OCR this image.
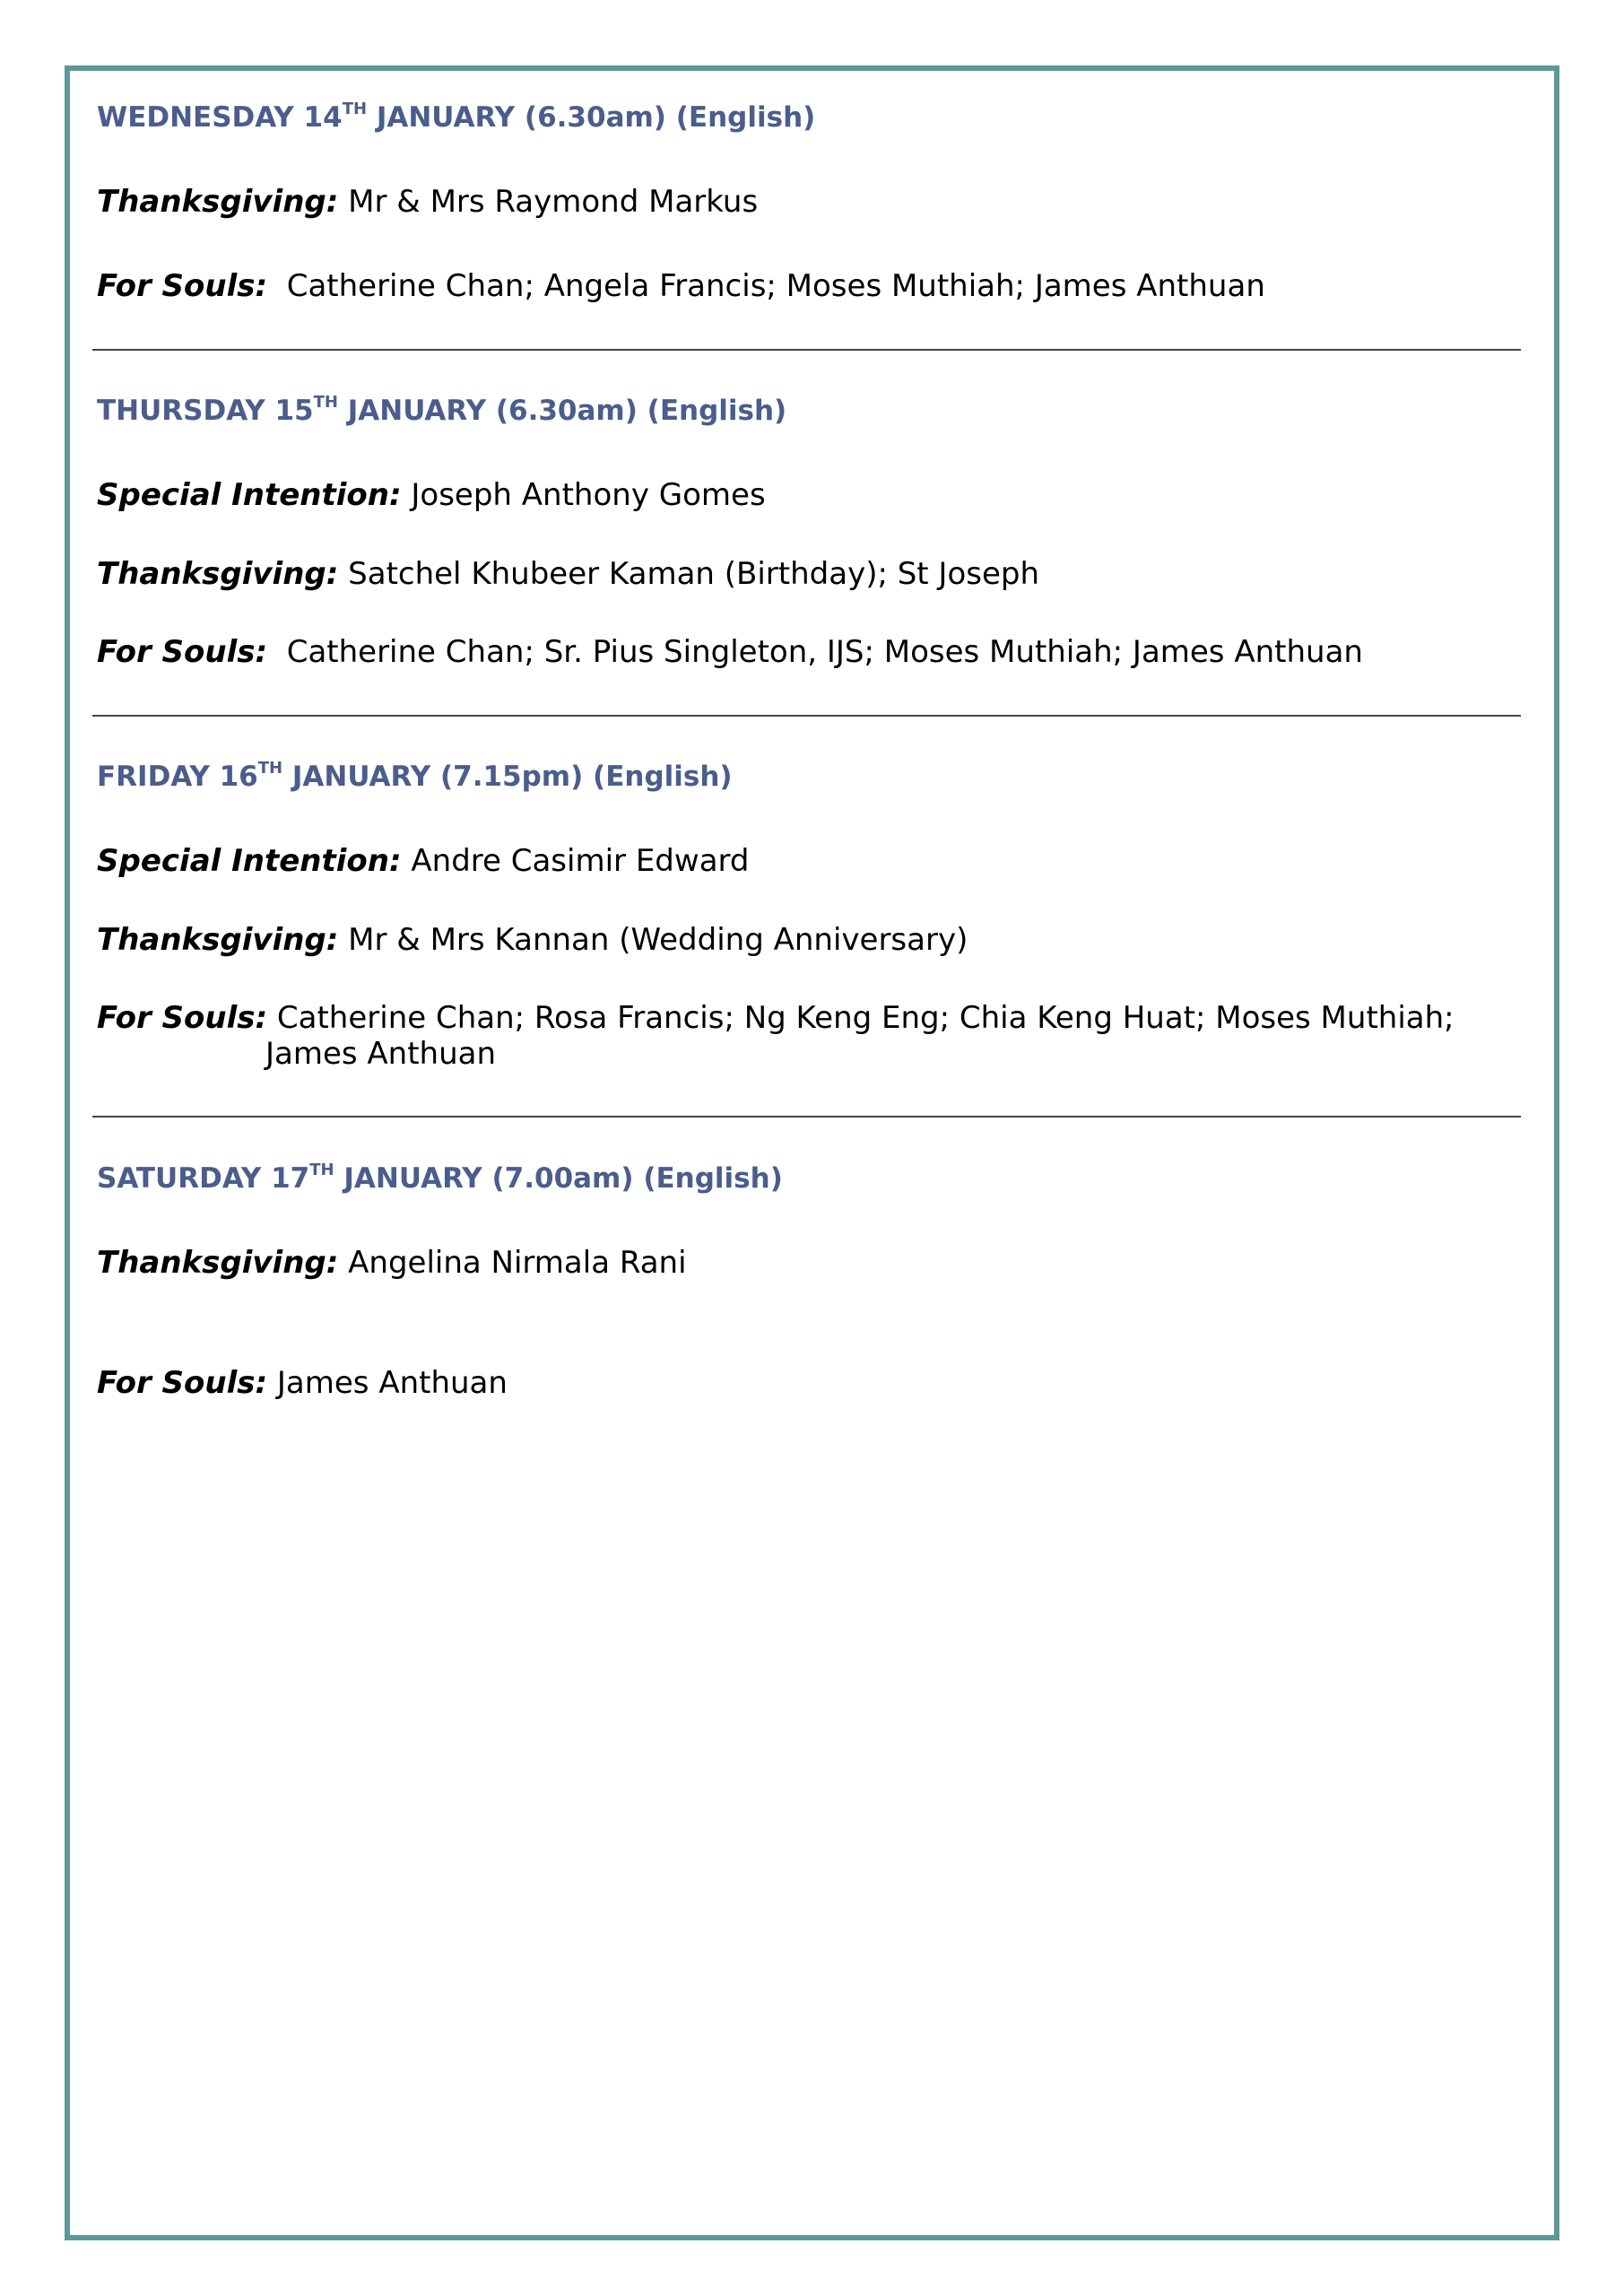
WEDNESDAY 14TH JANUARY (6.30am) (English)
Thanksgiving: Mr & Mrs Raymond Markus
For Souls:  Catherine Chan; Angela Francis; Moses Muthiah; James Anthuan
THURSDAY 15TH JANUARY (6.30am) (English)
Special Intention: Joseph Anthony Gomes
Thanksgiving: Satchel Khubeer Kaman (Birthday); St Joseph
For Souls:  Catherine Chan; Sr. Pius Singleton, IJS; Moses Muthiah; James Anthuan
FRIDAY 16TH JANUARY (7.15pm) (English)
Special Intention: Andre Casimir Edward
Thanksgiving: Mr & Mrs Kannan (Wedding Anniversary)
For Souls: Catherine Chan; Rosa Francis; Ng Keng Eng; Chia Keng Huat; Moses Muthiah; James Anthuan
SATURDAY 17TH JANUARY (7.00am) (English)
Thanksgiving: Angelina Nirmala Rani
For Souls: James Anthuan
